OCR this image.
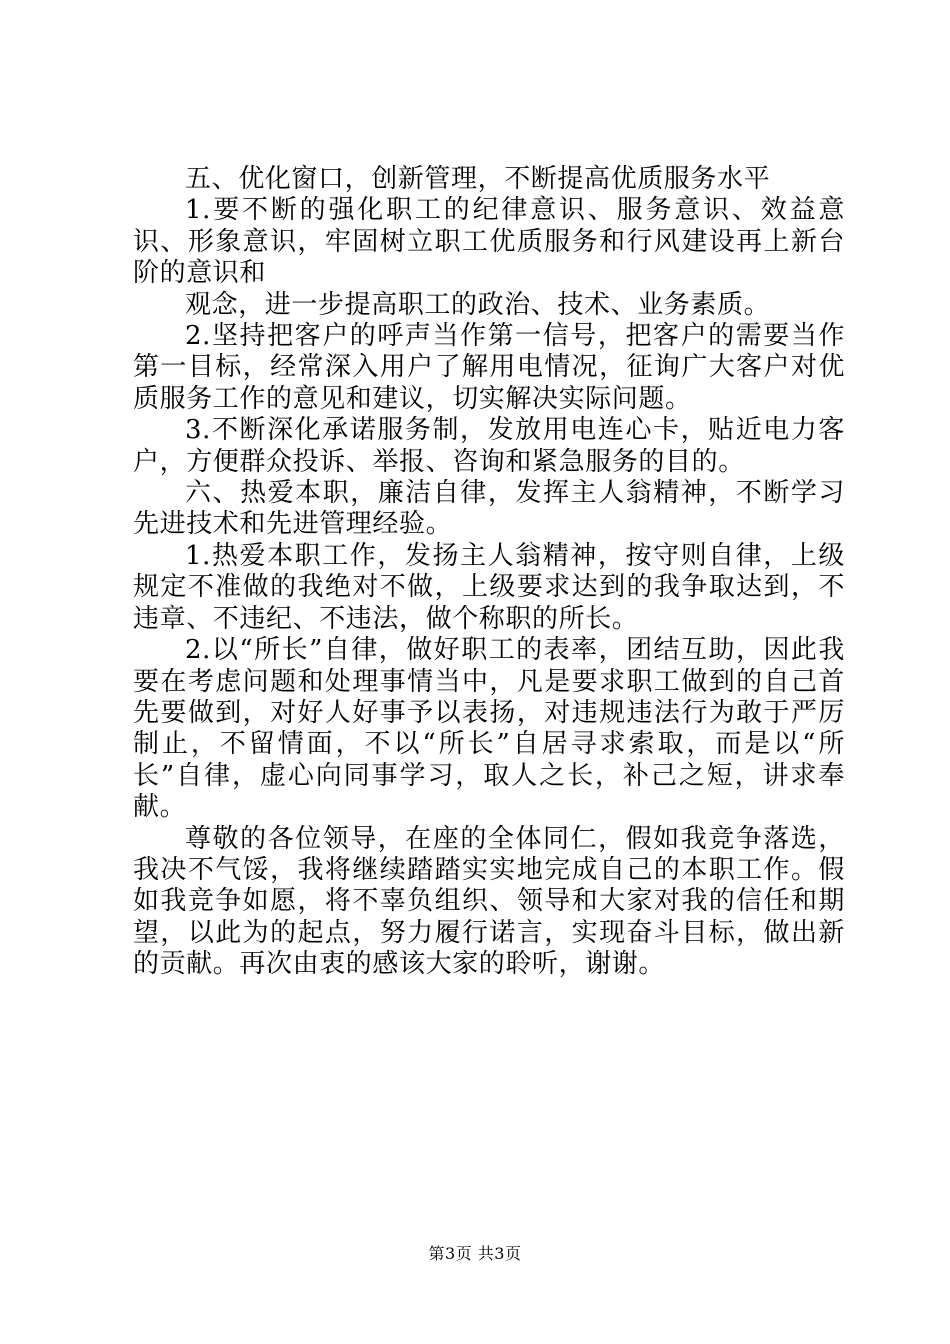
五、优化窗口，创新管理，不断提高优质服务水平

1.要不断的强化职工的纪律意识、服务意识、效益意识、形象意识，牢固树立职工优质服务和行风建设再上新台阶的意识和

观念，进一步提高职工的政治、技术、业务素质。

2.坚持把客户的呼声当作第一信号，把客户的需要当作第一目标，经常深入用户了解用电情况，征询广大客户对优质服务工作的意见和建议，切实解决实际问题。

3.不断深化承诺服务制，发放用电连心卡，贴近电力客户，方便群众投诉、举报、咨询和紧急服务的目的。

六、热爱本职，廉洁自律，发挥主人翁精神，不断学习先进技术和先进管理经验。

1.热爱本职工作，发扬主人翁精神，按守则自律，上级规定不准做的我绝对不做，上级要求达到的我争取达到，不违章、不违纪、不违法，做个称职的所长。

2.以“所长”自律，做好职工的表率，团结互助，因此我要在考虑问题和处理事情当中，凡是要求职工做到的自己首先要做到，对好人好事予以表扬，对违规违法行为敢于严厉制止，不留情面，不以“所长”自居寻求索取，而是以“所长”自律，虚心向同事学习，取人之长，补己之短，讲求奉献。

尊敬的各位领导，在座的全体同仁，假如我竞争落选，我决不气馁，我将继续踏踏实实地完成自己的本职工作。假如我竞争如愿，将不辜负组织、领导和大家对我的信任和期望，以此为的起点，努力履行诺言，实现奋斗目标，做出新的贡献。再次由衷的感该大家的聆听，谢谢。

第3页 共3页
